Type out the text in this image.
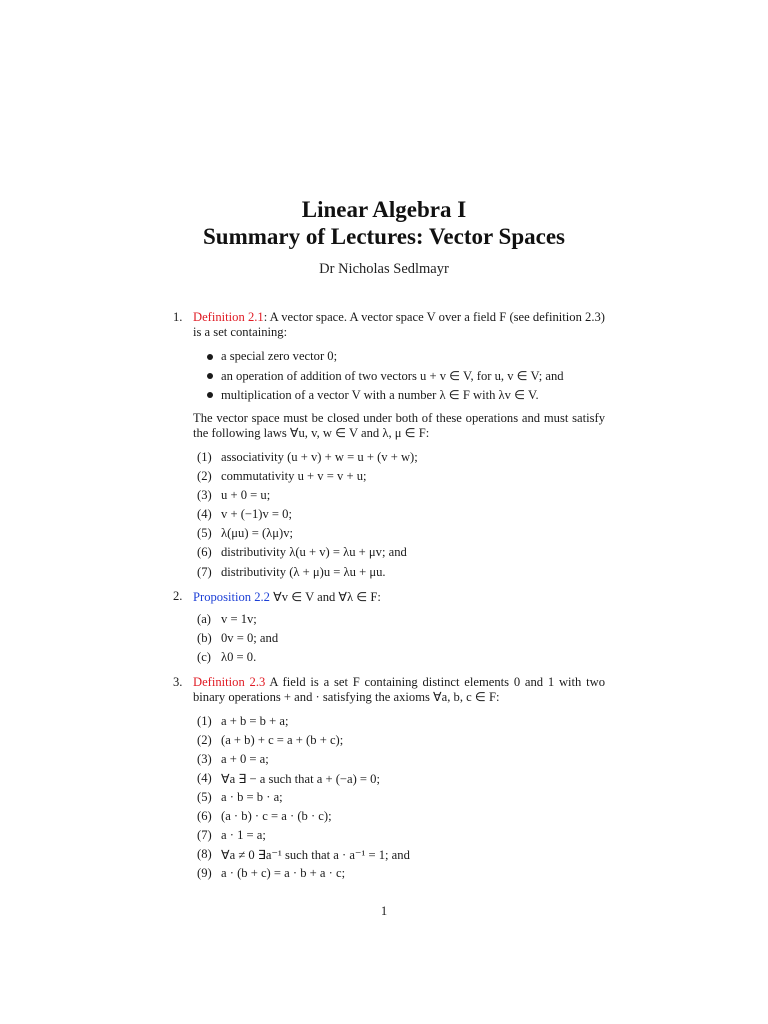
Linear Algebra I
Summary of Lectures: Vector Spaces
Dr Nicholas Sedlmayr
1. Definition 2.1: A vector space. A vector space V over a field F (see definition 2.3) is a set containing:
a special zero vector 0;
an operation of addition of two vectors u + v ∈ V, for u, v ∈ V; and
multiplication of a vector V with a number λ ∈ F with λv ∈ V.
The vector space must be closed under both of these operations and must satisfy the following laws ∀u, v, w ∈ V and λ, μ ∈ F:
(1) associativity (u + v) + w = u + (v + w);
(2) commutativity u + v = v + u;
(3) u + 0 = u;
(4) v + (−1)v = 0;
(5) λ(μu) = (λμ)v;
(6) distributivity λ(u + v) = λu + μv; and
(7) distributivity (λ + μ)u = λu + μu.
2. Proposition 2.2 ∀v ∈ V and ∀λ ∈ F:
(a) v = 1v;
(b) 0v = 0; and
(c) λ0 = 0.
3. Definition 2.3 A field is a set F containing distinct elements 0 and 1 with two binary operations + and · satisfying the axioms ∀a, b, c ∈ F:
(1) a + b = b + a;
(2) (a + b) + c = a + (b + c);
(3) a + 0 = a;
(4) ∀a ∃ − a such that a + (−a) = 0;
(5) a · b = b · a;
(6) (a · b) · c = a · (b · c);
(7) a · 1 = a;
(8) ∀a ≠ 0 ∃a⁻¹ such that a · a⁻¹ = 1; and
(9) a · (b + c) = a · b + a · c;
1
